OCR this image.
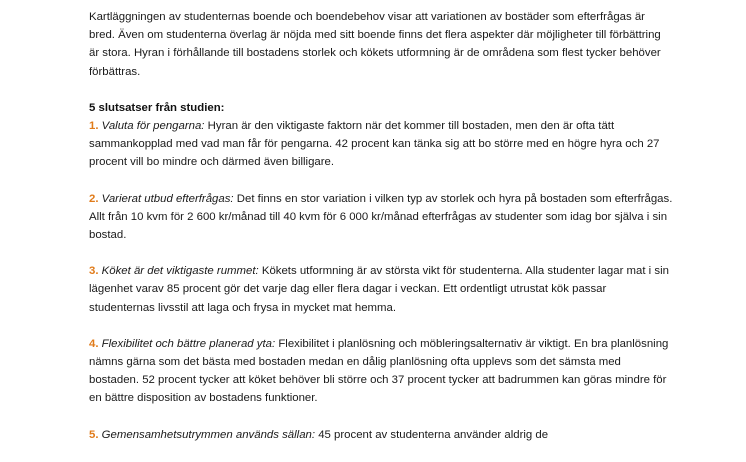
Kartläggningen av studenternas boende och boendebehov visar att variationen av bostäder som efterfrågas är bred. Även om studenterna överlag är nöjda med sitt boende finns det flera aspekter där möjligheter till förbättring är stora. Hyran i förhållande till bostadens storlek och kökets utformning är de områdena som flest tycker behöver förbättras.

5 slutsatser från studien:

1. Valuta för pengarna: Hyran är den viktigaste faktorn när det kommer till bostaden, men den är ofta tätt sammankopplad med vad man får för pengarna. 42 procent kan tänka sig att bo större med en högre hyra och 27 procent vill bo mindre och därmed även billigare.

2. Varierat utbud efterfrågas: Det finns en stor variation i vilken typ av storlek och hyra på bostaden som efterfrågas. Allt från 10 kvm för 2 600 kr/månad till 40 kvm för 6 000 kr/månad efterfrågas av studenter som idag bor själva i sin bostad.

3. Köket är det viktigaste rummet: Kökets utformning är av största vikt för studenterna. Alla studenter lagar mat i sin lägenhet varav 85 procent gör det varje dag eller flera dagar i veckan. Ett ordentligt utrustat kök passar studenternas livsstil att laga och frysa in mycket mat hemma.

4. Flexibilitet och bättre planerad yta: Flexibilitet i planlösning och möbleringsalternativ är viktigt. En bra planlösning nämns gärna som det bästa med bostaden medan en dålig planlösning ofta upplevs som det sämsta med bostaden. 52 procent tycker att köket behöver bli större och 37 procent tycker att badrummen kan göras mindre för en bättre disposition av bostadens funktioner.

5. Gemensamhetsutrymmen används sällan: 45 procent av studenterna använder aldrig de
